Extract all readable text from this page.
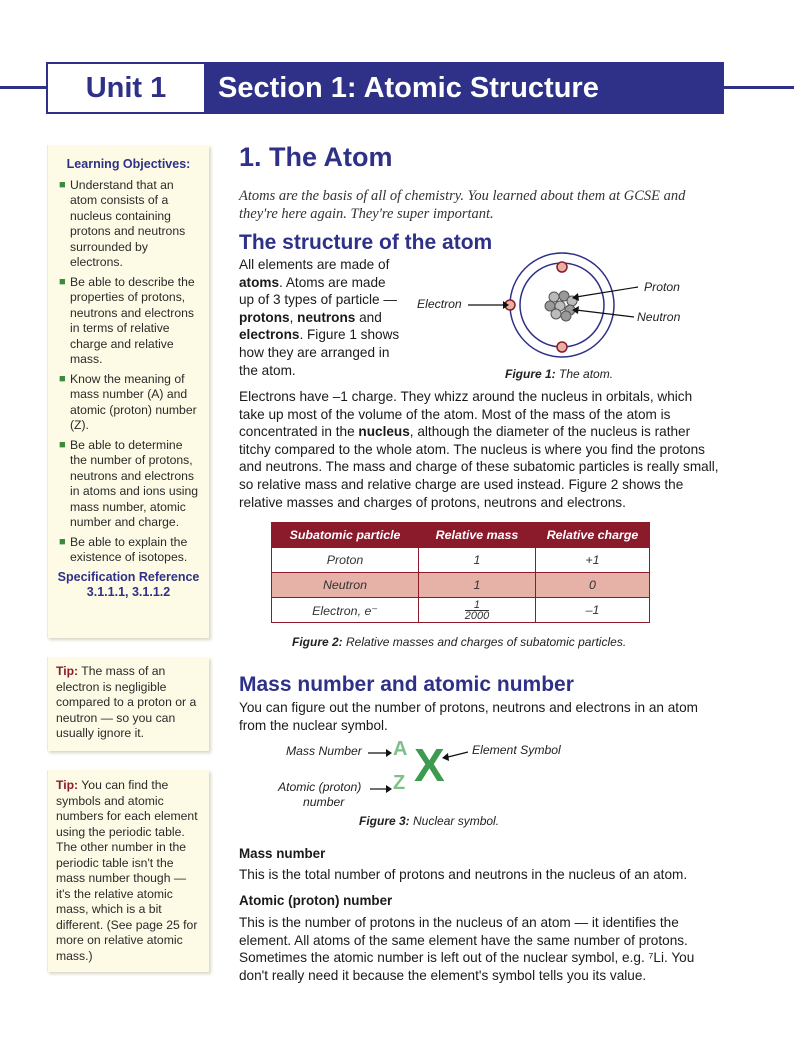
Unit 1	Section 1: Atomic Structure
Learning Objectives:
■ Understand that an atom consists of a nucleus containing protons and neutrons surrounded by electrons.
■ Be able to describe the properties of protons, neutrons and electrons in terms of relative charge and relative mass.
■ Know the meaning of mass number (A) and atomic (proton) number (Z).
■ Be able to determine the number of protons, neutrons and electrons in atoms and ions using mass number, atomic number and charge.
■ Be able to explain the existence of isotopes.
Specification Reference
3.1.1.1, 3.1.1.2
Tip: The mass of an electron is negligible compared to a proton or a neutron — so you can usually ignore it.
Tip: You can find the symbols and atomic numbers for each element using the periodic table. The other number in the periodic table isn't the mass number though — it's the relative atomic mass, which is a bit different. (See page 25 for more on relative atomic mass.)
1. The Atom
Atoms are the basis of all of chemistry. You learned about them at GCSE and they're here again. They're super important.
The structure of the atom
All elements are made of atoms. Atoms are made up of 3 types of particle — protons, neutrons and electrons. Figure 1 shows how they are arranged in the atom.
Electron
Proton
Neutron
Figure 1: The atom.
Electrons have –1 charge. They whizz around the nucleus in orbitals, which take up most of the volume of the atom. Most of the mass of the atom is concentrated in the nucleus, although the diameter of the nucleus is rather titchy compared to the whole atom. The nucleus is where you find the protons and neutrons. The mass and charge of these subatomic particles is really small, so relative mass and relative charge are used instead. Figure 2 shows the relative masses and charges of protons, neutrons and electrons.
Subatomic particle	Relative mass	Relative charge
Proton	1	+1
Neutron	1	0
Electron, e⁻	$\frac{1}{2000}$	–1
Figure 2: Relative masses and charges of subatomic particles.
Mass number and atomic number
You can figure out the number of protons, neutrons and electrons in an atom from the nuclear symbol.
Mass Number
Atomic (proton)
number
Element Symbol
A
Z X
Figure 3: Nuclear symbol.
Mass number
This is the total number of protons and neutrons in the nucleus of an atom.
Atomic (proton) number
This is the number of protons in the nucleus of an atom — it identifies the element. All atoms of the same element have the same number of protons. Sometimes the atomic number is left out of the nuclear symbol, e.g. ⁷Li. You don't really need it because the element's symbol tells you its value.
